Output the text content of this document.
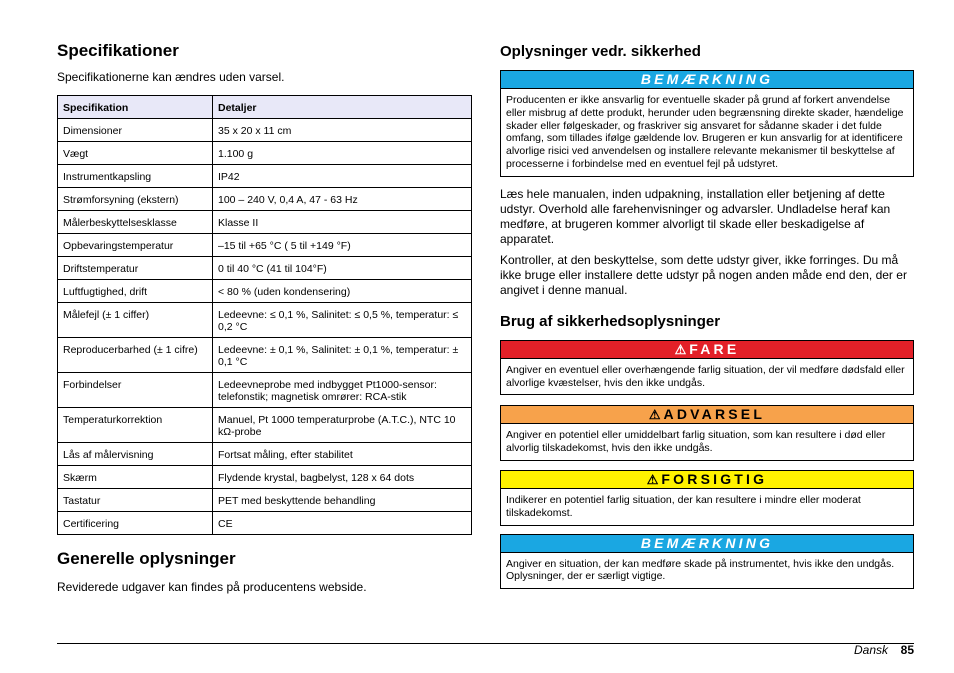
Specifikationer

Specifikationerne kan ændres uden varsel.

Specifikation	Detaljer
Dimensioner	35 x 20 x 11 cm
Vægt	1.100 g
Instrumentkapsling	IP42
Strømforsyning (ekstern)	100 – 240 V, 0,4 A, 47 - 63 Hz
Målerbeskyttelsesklasse	Klasse II
Opbevaringstemperatur	–15 til +65 °C ( 5 til +149 °F)
Driftstemperatur	0 til 40 °C (41 til 104°F)
Luftfugtighed, drift	< 80 % (uden kondensering)
Målefejl (± 1 ciffer)	Ledeevne: ≤ 0,1 %, Salinitet: ≤ 0,5 %, temperatur: ≤ 0,2 °C
Reproducerbarhed (± 1 cifre)	Ledeevne: ± 0,1 %, Salinitet: ± 0,1 %, temperatur: ± 0,1 °C
Forbindelser	Ledeevneprobe med indbygget Pt1000-sensor: telefonstik; magnetisk omrører: RCA-stik
Temperaturkorrektion	Manuel, Pt 1000 temperaturprobe (A.T.C.), NTC 10 kΩ-probe
Lås af målervisning	Fortsat måling, efter stabilitet
Skærm	Flydende krystal, bagbelyst, 128 x 64 dots
Tastatur	PET med beskyttende behandling
Certificering	CE
Generelle oplysninger

Reviderede udgaver kan findes på producentens webside.

Oplysninger vedr. sikkerhed
BEMÆRKNING
Producenten er ikke ansvarlig for eventuelle skader på grund af forkert anvendelse eller misbrug af dette produkt, herunder uden begrænsning direkte skader, hændelige skader eller følgeskader, og fraskriver sig ansvaret for sådanne skader i det fulde omfang, som tillades ifølge gældende lov. Brugeren er kun ansvarlig for at identificere alvorlige risici ved anvendelsen og installere relevante mekanismer til beskyttelse af processerne i forbindelse med en eventuel fejl på udstyret.

Læs hele manualen, inden udpakning, installation eller betjening af dette udstyr. Overhold alle farehenvisninger og advarsler. Undladelse heraf kan medføre, at brugeren kommer alvorligt til skade eller beskadigelse af apparatet.

Kontroller, at den beskyttelse, som dette udstyr giver, ikke forringes. Du må ikke bruge eller installere dette udstyr på nogen anden måde end den, der er angivet i denne manual.

Brug af sikkerhedsoplysninger
⚠ FARE
Angiver en eventuel eller overhængende farlig situation, der vil medføre dødsfald eller alvorlige kvæstelser, hvis den ikke undgås.
⚠ ADVARSEL
Angiver en potentiel eller umiddelbart farlig situation, som kan resultere i død eller alvorlig tilskadekomst, hvis den ikke undgås.
⚠ FORSIGTIG
Indikerer en potentiel farlig situation, der kan resultere i mindre eller moderat tilskadekomst.
BEMÆRKNING
Angiver en situation, der kan medføre skade på instrumentet, hvis ikke den undgås. Oplysninger, der er særligt vigtige.
Dansk 85
